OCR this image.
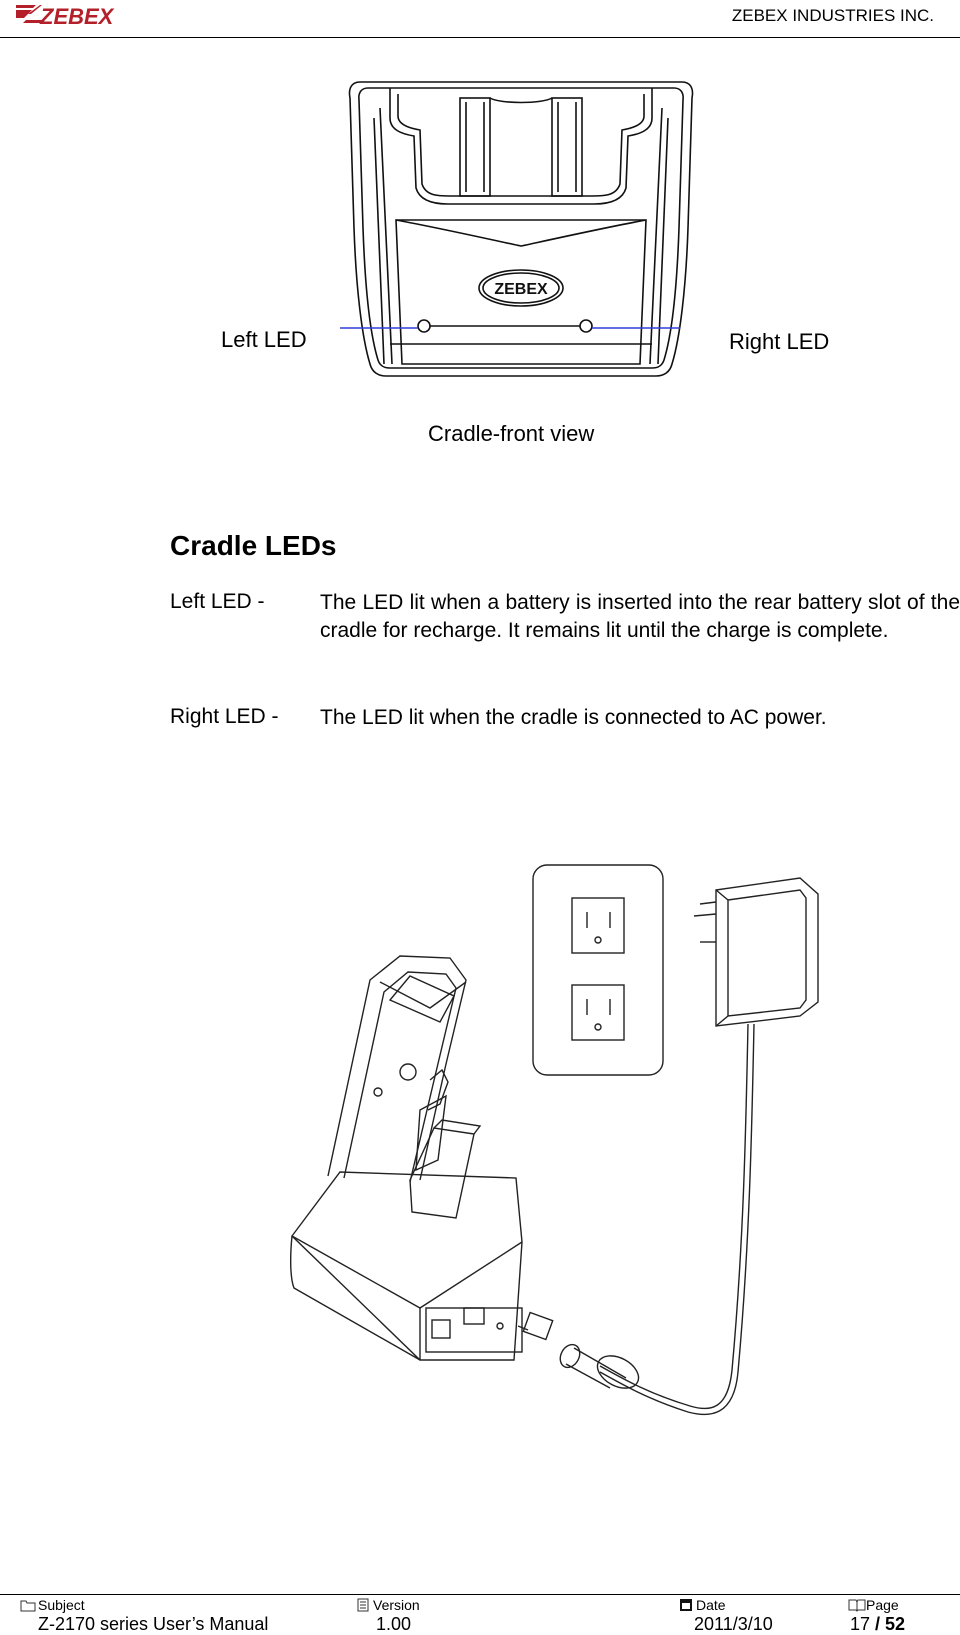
ZEBEX	ZEBEX INDUSTRIES INC.
ZEBEX
Left LED	Right LED
Cradle-front view
Cradle LEDs
Left LED -	The LED lit when a battery is inserted into the rear battery slot of the cradle for recharge. It remains lit until the charge is complete.
Right LED - The LED lit when the cradle is connected to AC power.
Subject
Z-2170 series User’s Manual
Version
1.00
Date
2011/3/10
Page
17 / 52
